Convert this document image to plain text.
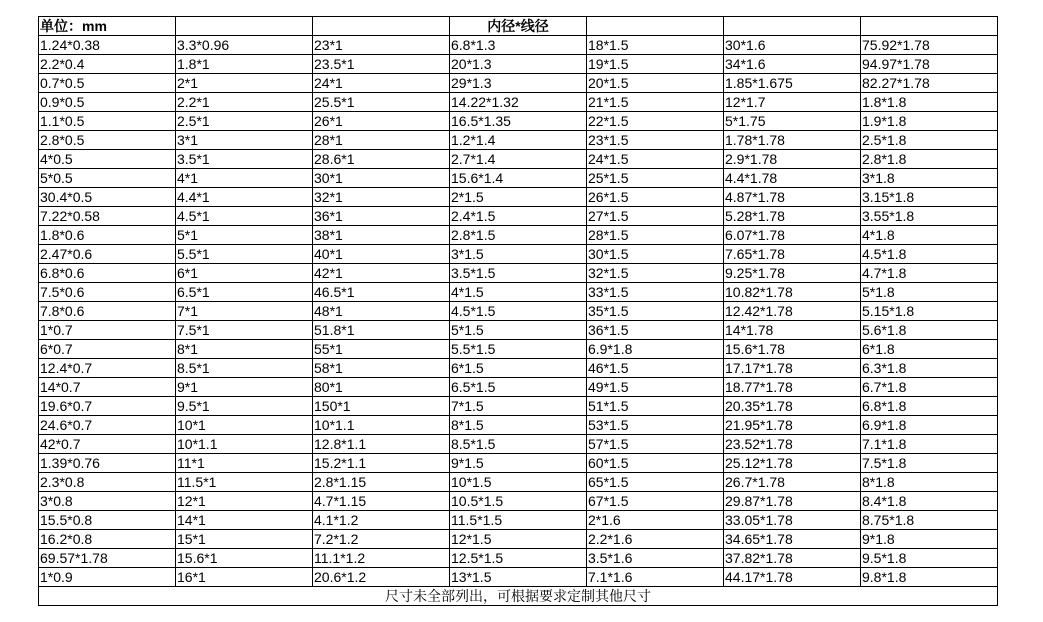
单位：mm			内径*线径			
1.24*0.38	3.3*0.96	23*1	6.8*1.3	18*1.5	30*1.6	75.92*1.78
2.2*0.4	1.8*1	23.5*1	20*1.3	19*1.5	34*1.6	94.97*1.78
0.7*0.5	2*1	24*1	29*1.3	20*1.5	1.85*1.675	82.27*1.78
0.9*0.5	2.2*1	25.5*1	14.22*1.32	21*1.5	12*1.7	1.8*1.8
1.1*0.5	2.5*1	26*1	16.5*1.35	22*1.5	5*1.75	1.9*1.8
2.8*0.5	3*1	28*1	1.2*1.4	23*1.5	1.78*1.78	2.5*1.8
4*0.5	3.5*1	28.6*1	2.7*1.4	24*1.5	2.9*1.78	2.8*1.8
5*0.5	4*1	30*1	15.6*1.4	25*1.5	4.4*1.78	3*1.8
30.4*0.5	4.4*1	32*1	2*1.5	26*1.5	4.87*1.78	3.15*1.8
7.22*0.58	4.5*1	36*1	2.4*1.5	27*1.5	5.28*1.78	3.55*1.8
1.8*0.6	5*1	38*1	2.8*1.5	28*1.5	6.07*1.78	4*1.8
2.47*0.6	5.5*1	40*1	3*1.5	30*1.5	7.65*1.78	4.5*1.8
6.8*0.6	6*1	42*1	3.5*1.5	32*1.5	9.25*1.78	4.7*1.8
7.5*0.6	6.5*1	46.5*1	4*1.5	33*1.5	10.82*1.78	5*1.8
7.8*0.6	7*1	48*1	4.5*1.5	35*1.5	12.42*1.78	5.15*1.8
1*0.7	7.5*1	51.8*1	5*1.5	36*1.5	14*1.78	5.6*1.8
6*0.7	8*1	55*1	5.5*1.5	6.9*1.8	15.6*1.78	6*1.8
12.4*0.7	8.5*1	58*1	6*1.5	46*1.5	17.17*1.78	6.3*1.8
14*0.7	9*1	80*1	6.5*1.5	49*1.5	18.77*1.78	6.7*1.8
19.6*0.7	9.5*1	150*1	7*1.5	51*1.5	20.35*1.78	6.8*1.8
24.6*0.7	10*1	10*1.1	8*1.5	53*1.5	21.95*1.78	6.9*1.8
42*0.7	10*1.1	12.8*1.1	8.5*1.5	57*1.5	23.52*1.78	7.1*1.8
1.39*0.76	11*1	15.2*1.1	9*1.5	60*1.5	25.12*1.78	7.5*1.8
2.3*0.8	11.5*1	2.8*1.15	10*1.5	65*1.5	26.7*1.78	8*1.8
3*0.8	12*1	4.7*1.15	10.5*1.5	67*1.5	29.87*1.78	8.4*1.8
15.5*0.8	14*1	4.1*1.2	11.5*1.5	2*1.6	33.05*1.78	8.75*1.8
16.2*0.8	15*1	7.2*1.2	12*1.5	2.2*1.6	34.65*1.78	9*1.8
69.57*1.78	15.6*1	11.1*1.2	12.5*1.5	3.5*1.6	37.82*1.78	9.5*1.8
1*0.9	16*1	20.6*1.2	13*1.5	7.1*1.6	44.17*1.78	9.8*1.8
尺寸未全部列出，可根据要求定制其他尺寸						
